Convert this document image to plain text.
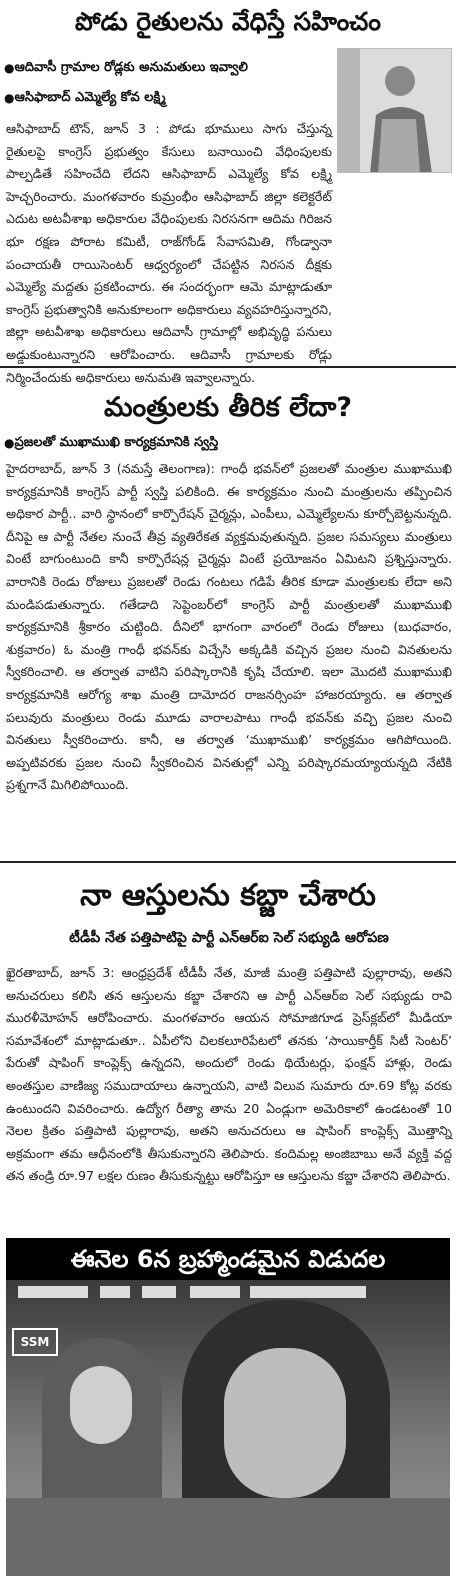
పోడు రైతులను వేధిస్తే సహించం
● ఆదివాసీ గ్రామాల రోడ్లకు అనుమతులు ఇవ్వాలి
● ఆసిఫాబాద్ ఎమ్మెల్యే కోవ లక్ష్మి

ఆసిఫాబాద్ టౌన్, జూన్ 3 : పోడు భూములు సాగు చేస్తున్న రైతులపై కాంగ్రెస్ ప్రభుత్వం కేసులు బనాయించి వేధింపులకు పాల్పడితే సహించేది లేదని ఆసిఫాబాద్ ఎమ్మెల్యే కోవ లక్ష్మి హెచ్చరించారు. మంగళవారం కుమ్రంభీం ఆసిఫాబాద్ జిల్లా కలెక్టరేట్ ఎదుట అటవీశాఖ అధికారుల వేధింపులకు నిరసనగా ఆదిమ గిరిజన భూ రక్షణ పోరాట కమిటీ, రాజ్‌గోండ్ సేవాసమితి, గోండ్వానా పంచాయతీ రాయిసెంటర్ ఆధ్వర్యంలో చేపట్టిన నిరసన దీక్షకు ఎమ్మెల్యే మద్దతు ప్రకటించారు. ఈ సందర్భంగా ఆమె మాట్లాడుతూ కాంగ్రెస్ ప్రభుత్వానికి అనుకూలంగా అధికారులు వ్యవహరిస్తున్నారని, జిల్లా అటవీశాఖ అధికారులు ఆదివాసీ గ్రామాల్లో అభివృద్ధి పనులు అడ్డుకుంటున్నారని ఆరోపించారు. ఆదివాసీ గ్రామాలకు రోడ్లు నిర్మించేందుకు అధికారులు అనుమతి ఇవ్వాలన్నారు.

మంత్రులకు తీరిక లేదా?
● ప్రజలతో ముఖాముఖి కార్యక్రమానికి స్వస్తి

హైదరాబాద్, జూన్ 3 (నమస్తే తెలంగాణ): గాంధీ భవన్‌లో ప్రజలతో మంత్రుల ముఖాముఖి కార్యక్రమానికి కాంగ్రెస్ పార్టీ స్వస్తి పలికింది. ఈ కార్యక్రమం నుంచి మంత్రులను తప్పించిన అధికార పార్టీ.. వారి స్థానంలో కార్పొరేషన్ చైర్మన్లు, ఎంపీలు, ఎమ్మెల్యేలను కూర్చోబెట్టనున్నది. దీనిపై ఆ పార్టీ నేతల నుంచే తీవ్ర వ్యతిరేకత వ్యక్తమవుతున్నది. ప్రజల సమస్యలు మంత్రులు వింటే బాగుంటుంది కానీ కార్పొరేషన్ల చైర్మన్లు వింటే ప్రయోజనం ఏమిటని ప్రశ్నిస్తున్నారు. వారానికి రెండు రోజులు ప్రజలతో రెండు గంటలు గడిపే తీరిక కూడా మంత్రులకు లేదా అని మండిపడుతున్నారు. గతేడాది సెప్టెంబర్‌లో కాంగ్రెస్ పార్టీ మంత్రులతో ముఖాముఖి కార్యక్రమానికి శ్రీకారం చుట్టింది. దీనిలో భాగంగా వారంలో రెండు రోజులు (బుధవారం, శుక్రవారం) ఓ మంత్రి గాంధీ భవన్‌కు విచ్చేసి అక్కడికి వచ్చిన ప్రజల నుంచి వినతులను స్వీకరించాలి. ఆ తర్వాత వాటిని పరిష్కారానికి కృషి చేయాలి. ఇలా మొదటి ముఖాముఖి కార్యక్రమానికి ఆరోగ్య శాఖ మంత్రి దామోదర రాజనర్సింహ హాజరయ్యారు. ఆ తర్వాత పలువురు మంత్రులు రెండు మూడు వారాలపాటు గాంధీ భవన్‌కు వచ్చి ప్రజల నుంచి వినతులు స్వీకరించారు. కానీ, ఆ తర్వాత ‘ముఖాముఖి’ కార్యక్రమం ఆగిపోయింది. అప్పటివరకు ప్రజల నుంచి స్వీకరించిన వినతుల్లో ఎన్ని పరిష్కారమయ్యాయన్నది నేటికి ప్రశ్నగానే మిగిలిపోయింది.

నా ఆస్తులను కబ్జా చేశారు
టీడీపీ నేత పత్తిపాటిపై పార్టీ ఎన్‌ఆర్‌ఐ సెల్ సభ్యుడి ఆరోపణ

ఖైరతాబాద్, జూన్ 3: ఆంధ్రప్రదేశ్ టీడీపీ నేత, మాజీ మంత్రి పత్తిపాటి పుల్లారావు, అతని అనుచరులు కలిసి తన ఆస్తులను కబ్జా చేశారని ఆ పార్టీ ఎన్‌ఆర్‌ఐ సెల్ సభ్యుడు రావి మురళీమోహన్ ఆరోపించారు. మంగళవారం ఆయన సోమాజిగూడ ప్రెస్‌క్లబ్‌లో మీడియా సమావేశంలో మాట్లాడుతూ.. ఏపీలోని చిలకలూరిపేటలో తనకు ‘సాయికార్తీక్ సిటీ సెంటర్’ పేరుతో షాపింగ్ కాంప్లెక్స్ ఉన్నదని, అందులో రెండు థియేటర్లు, ఫంక్షన్ హాళ్లు, రెండు అంతస్తుల వాణిజ్య సముదాయాలు ఉన్నాయని, వాటి విలువ సుమారు రూ.69 కోట్ల వరకు ఉంటుందని వివరించారు. ఉద్యోగ రీత్యా తాను 20 ఏండ్లుగా అమెరికాలో ఉండటంతో 10 నెలల క్రితం పత్తిపాటి పుల్లారావు, అతని అనుచరులు ఆ షాపింగ్ కాంప్లెక్స్ మొత్తాన్ని అక్రమంగా తమ ఆధీనంలోకి తీసుకున్నారని తెలిపారు. కందిమల్ల అంజిబాబు అనే వ్యక్తి వద్ద తన తండ్రి రూ.97 లక్షల రుణం తీసుకున్నట్టు ఆరోపిస్తూ ఆ ఆస్తులను కబ్జా చేశారని తెలిపారు.

ఈనెల 6న బ్రహ్మాండమైన విడుదల
SSM
